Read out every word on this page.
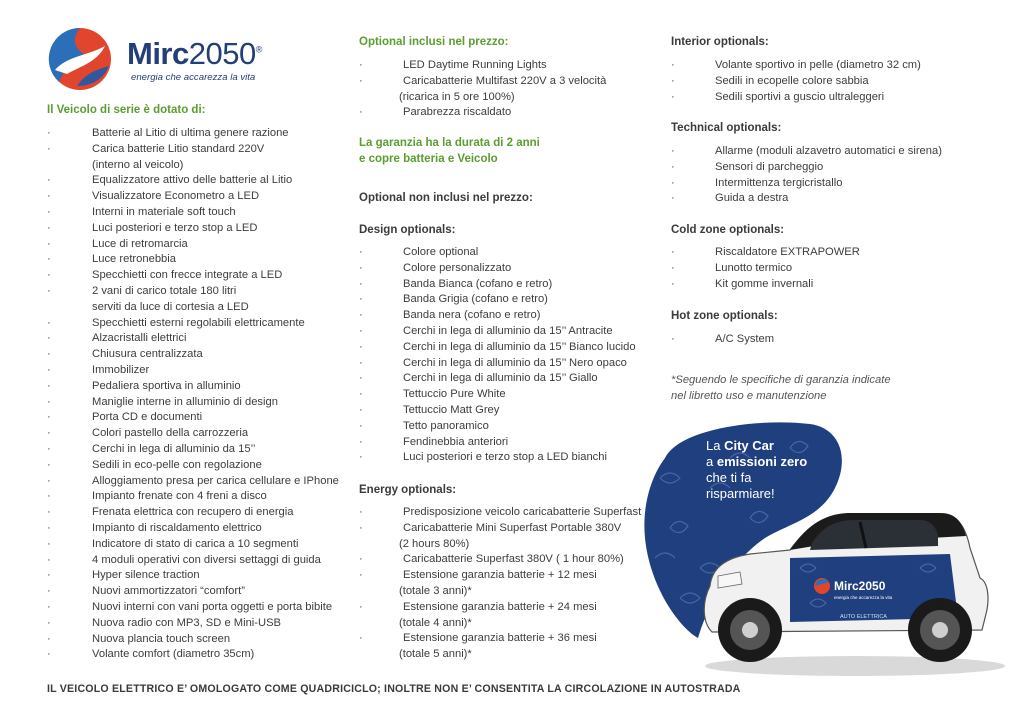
Mirc2050®
energia che accarezza la vita
Il Veicolo di serie è dotato di:
·	Batterie al Litio di ultima genere razione
·	Carica batterie Litio standard 220V
(interno al veicolo)
·	Equalizzatore attivo delle batterie al Litio
·	Visualizzatore Econometro a LED
·	Interni in materiale soft touch
·	Luci posteriori e terzo stop a LED
·	Luce di retromarcia
·	Luce retronebbia
·	Specchietti con frecce integrate a LED
·	2 vani di carico totale 180 litri
serviti da luce di cortesia a LED
·	Specchietti esterni regolabili elettricamente
·	Alzacristalli elettrici
·	Chiusura centralizzata
·	Immobilizer
·	Pedaliera sportiva in alluminio
·	Maniglie interne in alluminio di design
·	Porta CD e documenti
·	Colori pastello della carrozzeria
·	Cerchi in lega di alluminio da 15’’
·	Sedili in eco-pelle con regolazione
·	Alloggiamento presa per carica cellulare e IPhone
·	Impianto frenate con 4 freni a disco
·	Frenata elettrica con recupero di energia
·	Impianto di riscaldamento elettrico
·	Indicatore di stato di carica a 10 segmenti
·	4 moduli operativi con diversi settaggi di guida
·	Hyper silence traction
·	Nuovi ammortizzatori “comfort”
·	Nuovi interni con vani porta oggetti e porta bibite
·	Nuova radio con MP3, SD e Mini-USB
·	Nuova plancia touch screen
·	Volante comfort (diametro 35cm)
Optional inclusi nel prezzo:
·	LED Daytime Running Lights
·	Caricabatterie Multifast 220V a 3 velocità
(ricarica in 5 ore 100%)
·	Parabrezza riscaldato
La garanzia ha la durata di 2 anni
e copre batteria e Veicolo
Optional non inclusi nel prezzo:
Design optionals:
·	Colore optional
·	Colore personalizzato
·	Banda Bianca (cofano e retro)
·	Banda Grigia (cofano e retro)
·	Banda nera (cofano e retro)
·	Cerchi in lega di alluminio da 15’’ Antracite
·	Cerchi in lega di alluminio da 15’’ Bianco lucido
·	Cerchi in lega di alluminio da 15’’ Nero opaco
·	Cerchi in lega di alluminio da 15’’ Giallo
·	Tettuccio Pure White
·	Tettuccio Matt Grey
·	Tetto panoramico
·	Fendinebbia anteriori
·	Luci posteriori e terzo stop a LED bianchi
Energy optionals:
·	Predisposizione veicolo caricabatterie Superfast
·	Caricabatterie Mini Superfast Portable 380V
(2 hours 80%)
·	Caricabatterie Superfast 380V ( 1 hour 80%)
·	Estensione garanzia batterie + 12 mesi
(totale 3 anni)*
·	Estensione garanzia batterie + 24 mesi
(totale 4 anni)*
·	Estensione garanzia batterie + 36 mesi
(totale 5 anni)*
Interior optionals:
·	Volante sportivo in pelle (diametro 32 cm)
·	Sedili in ecopelle colore sabbia
·	Sedili sportivi a guscio ultraleggeri
Technical optionals:
·	Allarme (moduli alzavetro automatici e sirena)
·	Sensori di parcheggio
·	Intermittenza tergicristallo
·	Guida a destra
Cold zone optionals:
·	Riscaldatore EXTRAPOWER
·	Lunotto termico
·	Kit gomme invernali
Hot zone optionals:
·	A/C System
*Seguendo le specifiche di garanzia indicate
nel libretto uso e manutenzione
Mirc2050
energia che accarezza la vita
AUTO ELETTRICA
La City Car
a emissioni zero
che ti fa
risparmiare!
IL VEICOLO ELETTRICO E’ OMOLOGATO COME QUADRICICLO; INOLTRE NON E’ CONSENTITA LA CIRCOLAZIONE IN AUTOSTRADA
